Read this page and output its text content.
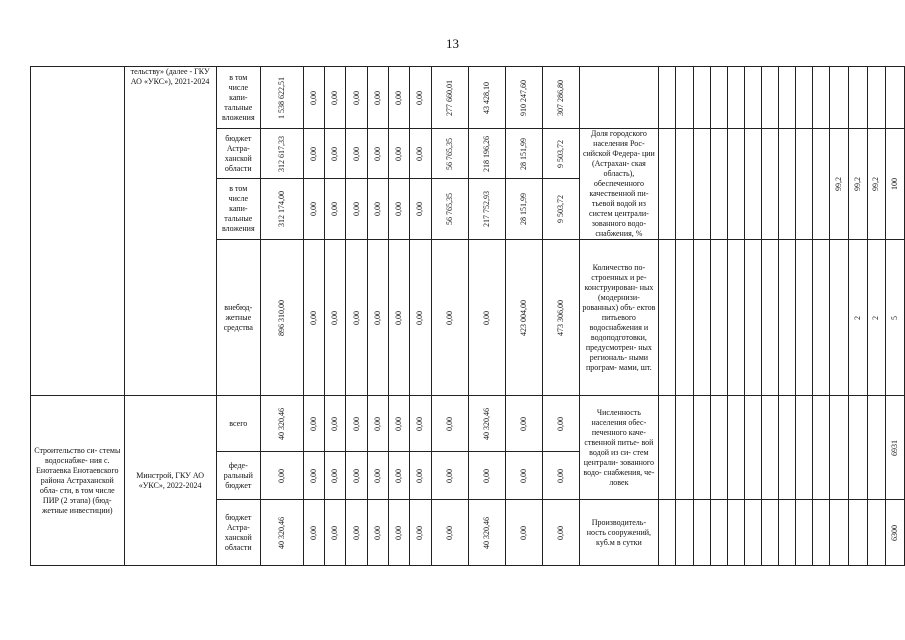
13

	тельству» (далее - ГКУ АО «УКС»), 2021-2024	в том числе капи- тальные вложения	1 538 622,51	0,00	0,00	0,00	0,00	0,00	0,00	277 660,01	43 428,10	910 247,60	307 286,80	

		бюджет Астра- ханской области	312 617,33	0,00	0,00	0,00	0,00	0,00	0,00	56 765,35	218 196,26	28 151,99	9 503,72	Доля городского населения Рос- сийской Федера- ции (Астрахан- ская область), обеспеченного качественной пи- тьевой водой из систем централи- зованного водо- снабжения, %											99,2	99,2	99,2	100

		в том числе капи- тальные вложения	312 174,00	0,00	0,00	0,00	0,00	0,00	0,00	56 765,35	217 752,93	28 151,99	9 503,72															

		внебюд- жетные средства	896 310,00	0,00	0,00	0,00	0,00	0,00	0,00	0,00	0,00	423 004,00	473 306,00	Количество по- строенных и ре- конструирован- ных (модернизи- рованных) объ- ектов питьевого водоснабжения и водоподготовки, предусмотрен- ных региональ- ными програм- мами, шт.												2	2	5

Строительство си- стемы водоснабже- ния с. Енотаевка Енотаевского района Астраханской обла- сти, в том числе ПИР (2 этапа) (бюд- жетные инвестиции)	Минстрой, ГКУ АО «УКС», 2022-2024	всего	40 320,46	0,00	0,00	0,00	0,00	0,00	0,00	0,00	40 320,46	0,00	0,00	Численность населения обес- печенного каче- ственной питье- вой водой из си- стем централи- зованного водо- снабжения, че- ловек														6931

		феде- ральный бюджет	0,00	0,00	0,00	0,00	0,00	0,00	0,00	0,00	0,00	0,00	0,00															

		бюджет Астра- ханской области	40 320,46	0,00	0,00	0,00	0,00	0,00	0,00	0,00	40 320,46	0,00	0,00	Производитель- ность сооружений, куб.м в сутки														6300
